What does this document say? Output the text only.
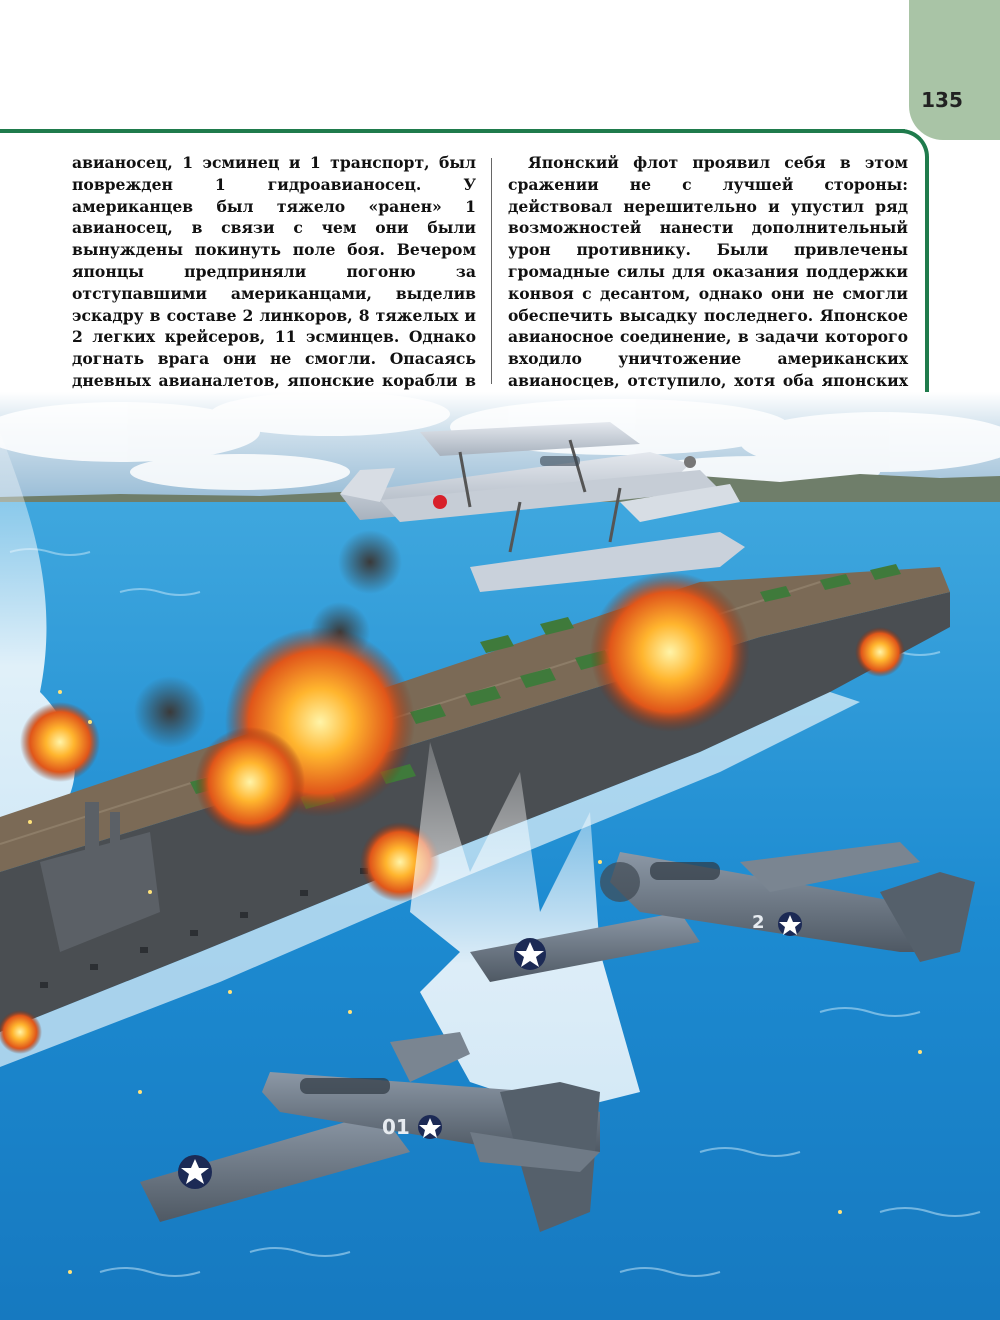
135

авианосец, 1 эсминец и 1 транспорт, был поврежден 1 гидроавианосец. У американцев был тяжело «ранен» 1 авианосец, в связи с чем они были вынуждены покинуть поле боя. Вечером японцы предприняли погоню за отступавшими американцами, выделив эскадру в составе 2 линкоров, 8 тяжелых и 2 легких крейсеров, 11 эсминцев. Однако догнать врага они не смогли. Опасаясь дневных авианалетов, японские корабли в

Японский флот проявил себя в этом сражении не с лучшей стороны: действовал нерешительно и упустил ряд возможностей нанести дополнительный урон противнику. Были привлечены громадные силы для оказания поддержки конвоя с десантом, однако они не смогли обеспечить высадку последнего. Японское авианосное соединение, в задачи которого входило уничтожение американских авианосцев, отступило, хотя оба японских

2
01
